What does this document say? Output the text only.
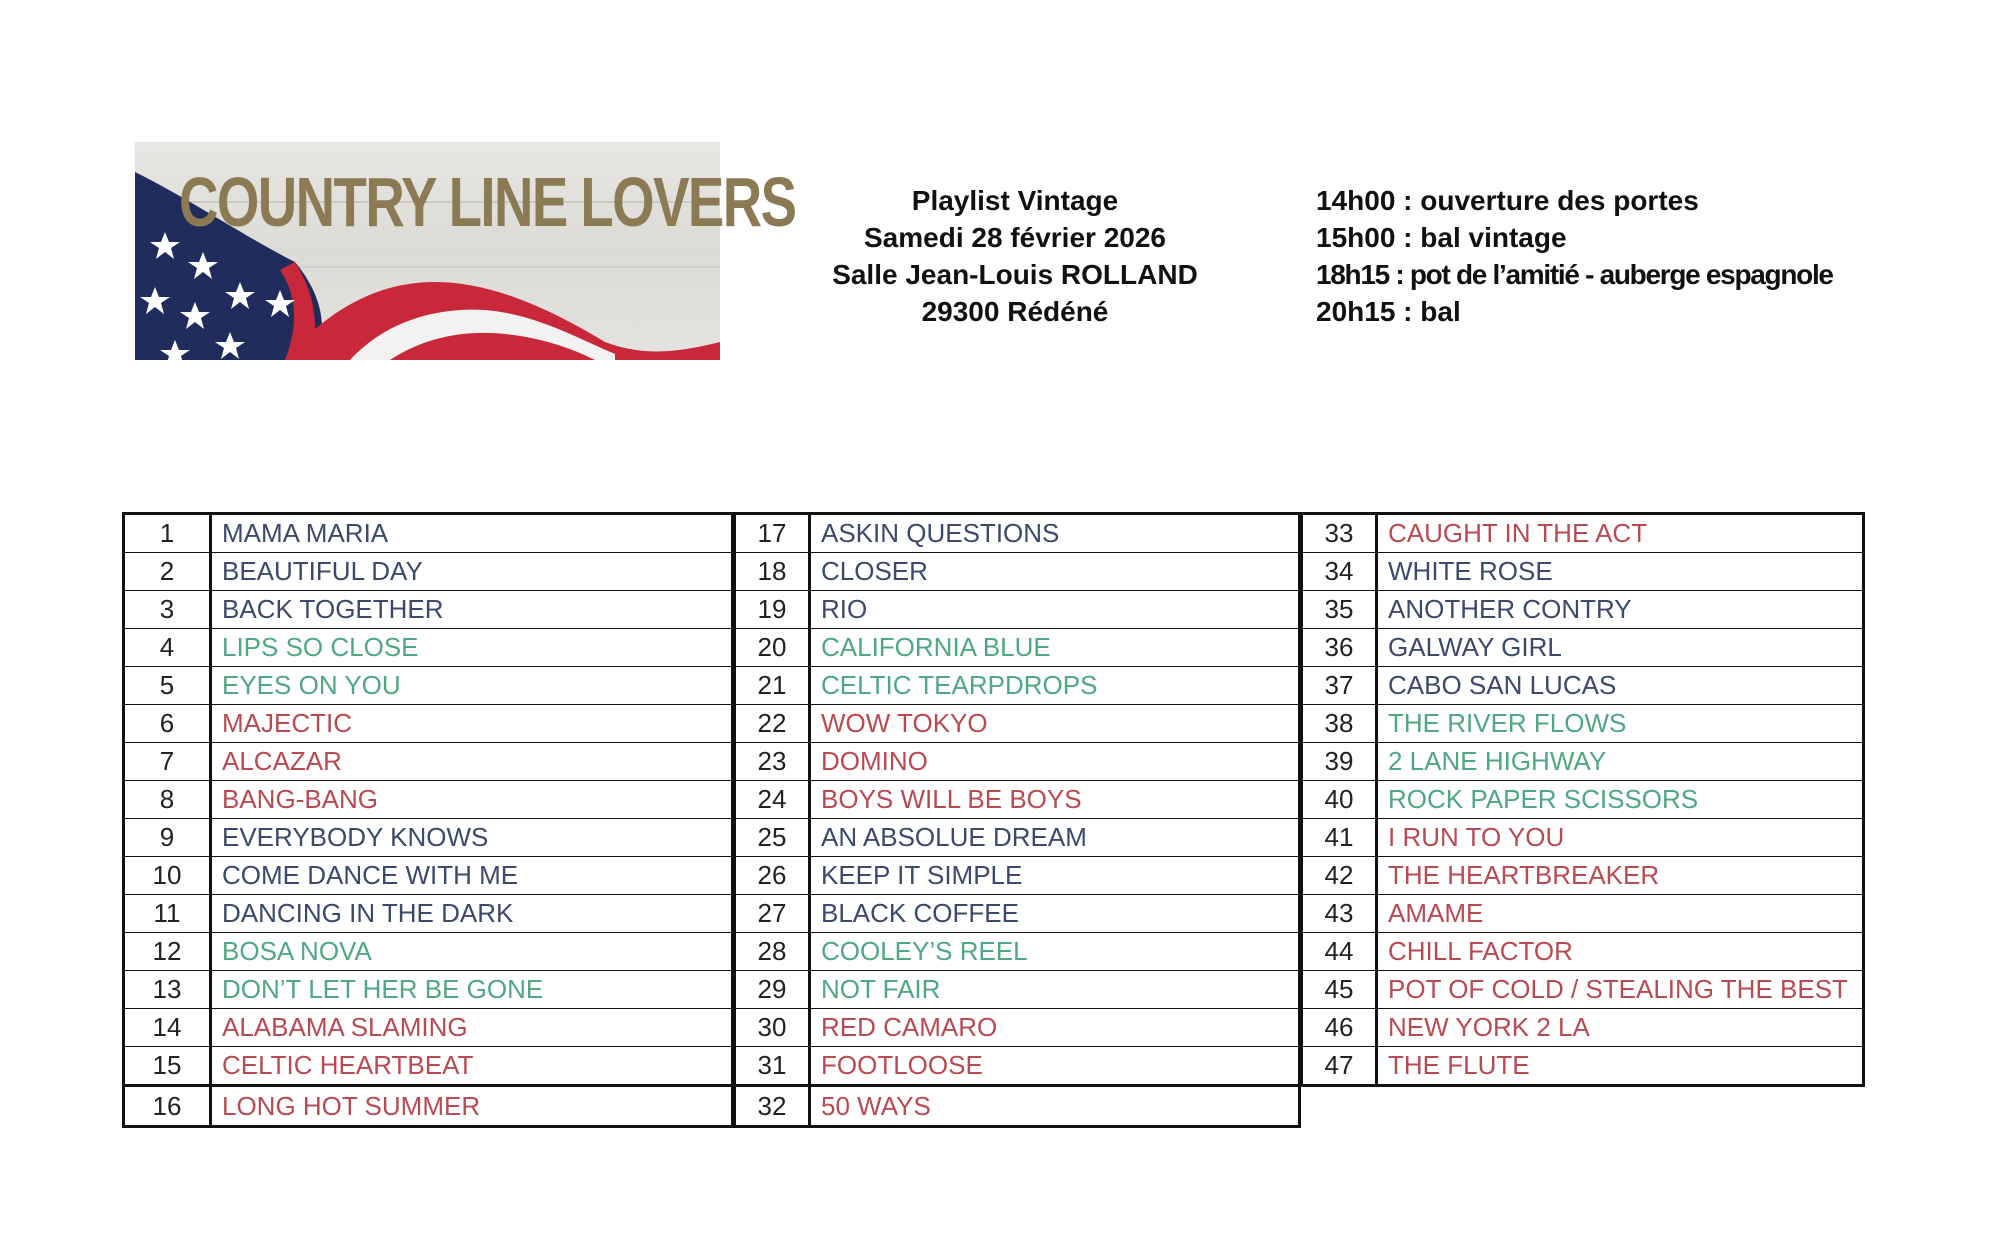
COUNTRY LINE LOVERS	Playlist Vintage
Samedi 28 février 2026
Salle Jean-Louis ROLLAND
29300 Rédéné
14h00 : ouverture des portes
15h00 : bal vintage
18h15 : pot de l’amitié - auberge espagnole
20h15 : bal
1	MAMA MARIA
2	BEAUTIFUL DAY
3	BACK TOGETHER
4	LIPS SO CLOSE
5	EYES ON YOU
6	MAJECTIC
7	ALCAZAR
8	BANG-BANG
9	EVERYBODY KNOWS
10	COME DANCE WITH ME
11	DANCING IN THE DARK
12	BOSA NOVA
13	DON’T LET HER BE GONE
14	ALABAMA SLAMING
15	CELTIC HEARTBEAT
16	LONG HOT SUMMER
17	ASKIN QUESTIONS
18	CLOSER
19	RIO
20	CALIFORNIA BLUE
21	CELTIC TEARPDROPS
22	WOW TOKYO
23	DOMINO
24	BOYS WILL BE BOYS
25	AN ABSOLUE DREAM
26	KEEP IT SIMPLE
27	BLACK COFFEE
28	COOLEY’S REEL
29	NOT FAIR
30	RED CAMARO
31	FOOTLOOSE
32	50 WAYS
33	CAUGHT IN THE ACT
34	WHITE ROSE
35	ANOTHER CONTRY
36	GALWAY GIRL
37	CABO SAN LUCAS
38	THE RIVER FLOWS
39	2 LANE HIGHWAY
40	ROCK PAPER SCISSORS
41	I RUN TO YOU
42	THE HEARTBREAKER
43	AMAME
44	CHILL FACTOR
45	POT OF COLD / STEALING THE BEST
46	NEW YORK 2 LA
47	THE FLUTE
